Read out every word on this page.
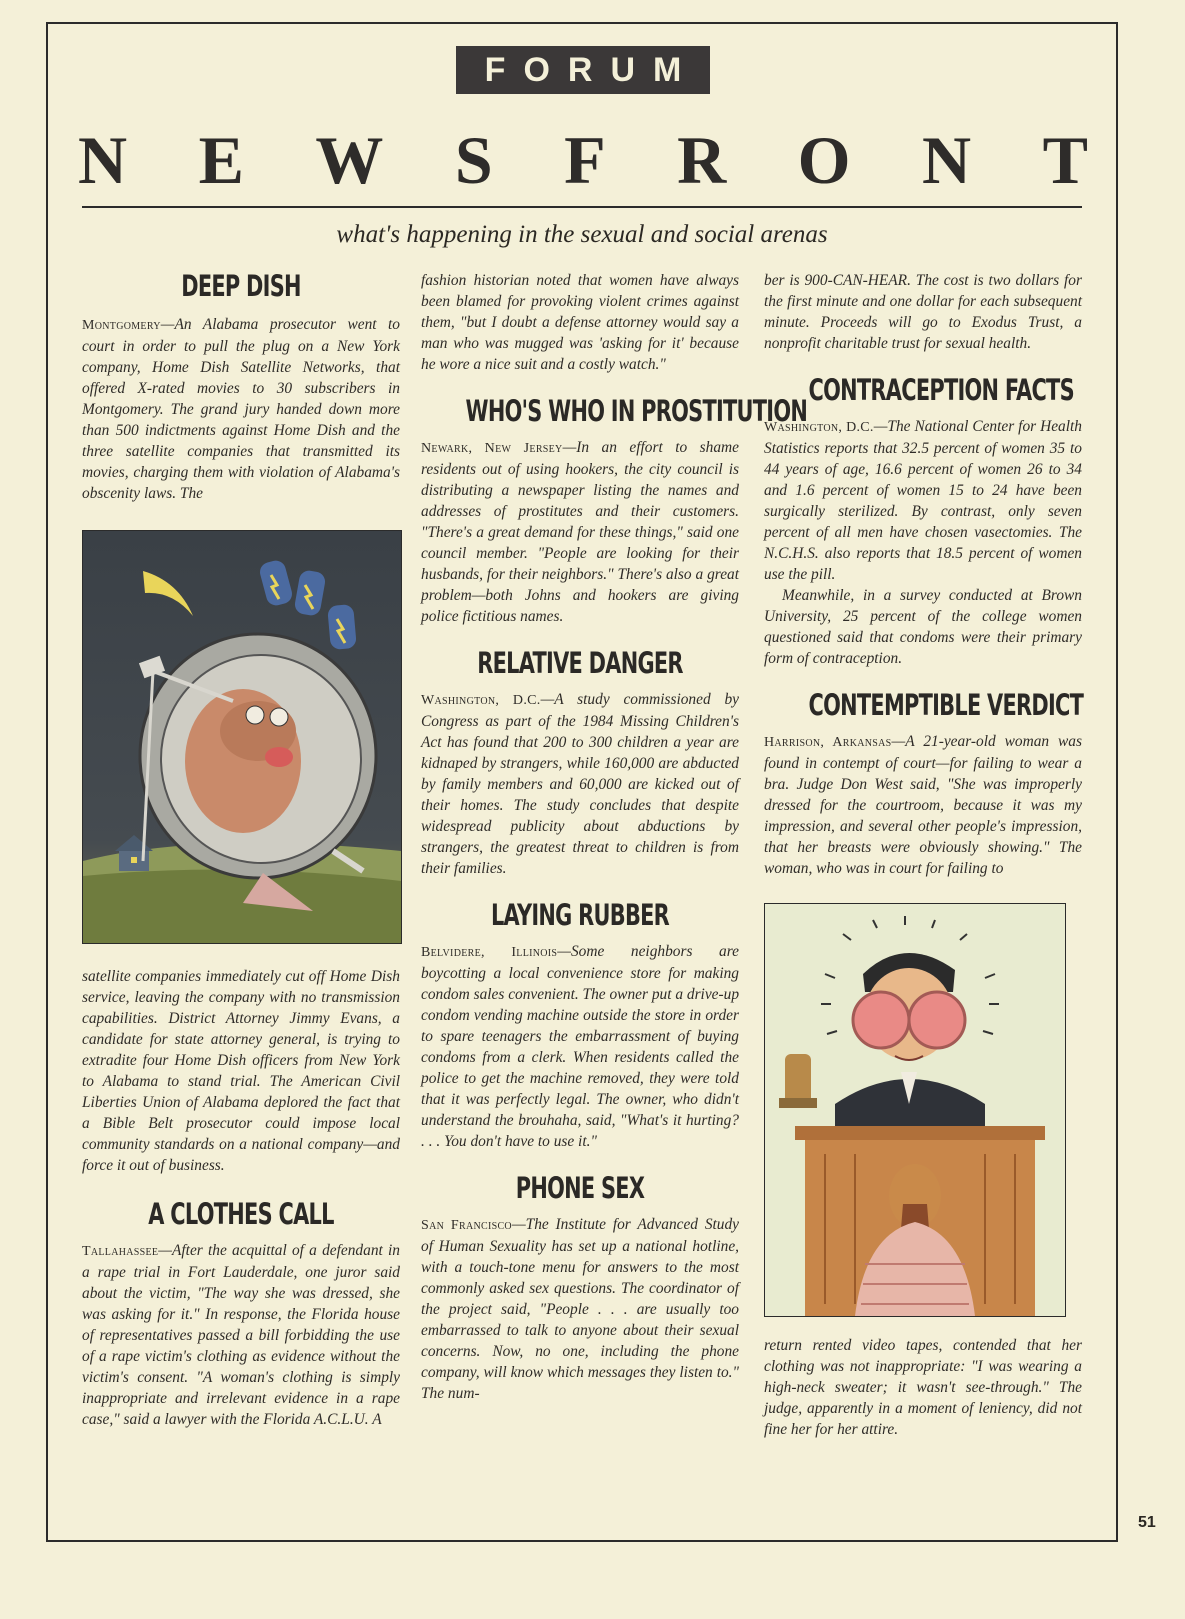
FORUM
N E W S F R O N T
what's happening in the sexual and social arenas
DEEP DISH

Montgomery—An Alabama prosecutor went to court in order to pull the plug on a New York company, Home Dish Satellite Networks, that offered X-rated movies to 30 subscribers in Montgomery. The grand jury handed down more than 500 indictments against Home Dish and the three satellite companies that transmitted its movies, charging them with violation of Alabama's obscenity laws. The

satellite companies immediately cut off Home Dish service, leaving the company with no transmission capabilities. District Attorney Jimmy Evans, a candidate for state attorney general, is trying to extradite four Home Dish officers from New York to Alabama to stand trial. The American Civil Liberties Union of Alabama deplored the fact that a Bible Belt prosecutor could impose local community standards on a national company—and force it out of business.

A CLOTHES CALL

Tallahassee—After the acquittal of a defendant in a rape trial in Fort Lauderdale, one juror said about the victim, "The way she was dressed, she was asking for it." In response, the Florida house of representatives passed a bill forbidding the use of a rape victim's clothing as evidence without the victim's consent. "A woman's clothing is simply inappropriate and irrelevant evidence in a rape case," said a lawyer with the Florida A.C.L.U. A

fashion historian noted that women have always been blamed for provoking violent crimes against them, "but I doubt a defense attorney would say a man who was mugged was 'asking for it' because he wore a nice suit and a costly watch."

WHO'S WHO IN PROSTITUTION

Newark, New Jersey—In an effort to shame residents out of using hookers, the city council is distributing a newspaper listing the names and addresses of prostitutes and their customers. "There's a great demand for these things," said one council member. "People are looking for their husbands, for their neighbors." There's also a great problem—both Johns and hookers are giving police fictitious names.

RELATIVE DANGER

Washington, D.C.—A study commissioned by Congress as part of the 1984 Missing Children's Act has found that 200 to 300 children a year are kidnaped by strangers, while 160,000 are abducted by family members and 60,000 are kicked out of their homes. The study concludes that despite widespread publicity about abductions by strangers, the greatest threat to children is from their families.

LAYING RUBBER

Belvidere, Illinois—Some neighbors are boycotting a local convenience store for making condom sales convenient. The owner put a drive-up condom vending machine outside the store in order to spare teenagers the embarrassment of buying condoms from a clerk. When residents called the police to get the machine removed, they were told that it was perfectly legal. The owner, who didn't understand the brouhaha, said, "What's it hurting? . . . You don't have to use it."

PHONE SEX

San Francisco—The Institute for Advanced Study of Human Sexuality has set up a national hotline, with a touch-tone menu for answers to the most commonly asked sex questions. The coordinator of the project said, "People . . . are usually too embarrassed to talk to anyone about their sexual concerns. Now, no one, including the phone company, will know which messages they listen to." The num-

ber is 900-CAN-HEAR. The cost is two dollars for the first minute and one dollar for each subsequent minute. Proceeds will go to Exodus Trust, a nonprofit charitable trust for sexual health.

CONTRACEPTION FACTS

Washington, D.C.—The National Center for Health Statistics reports that 32.5 percent of women 35 to 44 years of age, 16.6 percent of women 26 to 34 and 1.6 percent of women 15 to 24 have been surgically sterilized. By contrast, only seven percent of all men have chosen vasectomies. The N.C.H.S. also reports that 18.5 percent of women use the pill.

Meanwhile, in a survey conducted at Brown University, 25 percent of the college women questioned said that condoms were their primary form of contraception.

CONTEMPTIBLE VERDICT

Harrison, Arkansas—A 21-year-old woman was found in contempt of court—for failing to wear a bra. Judge Don West said, "She was improperly dressed for the courtroom, because it was my impression, and several other people's impression, that her breasts were obviously showing." The woman, who was in court for failing to

return rented video tapes, contended that her clothing was not inappropriate: "I was wearing a high-neck sweater; it wasn't see-through." The judge, apparently in a moment of leniency, did not fine her for her attire.

51
